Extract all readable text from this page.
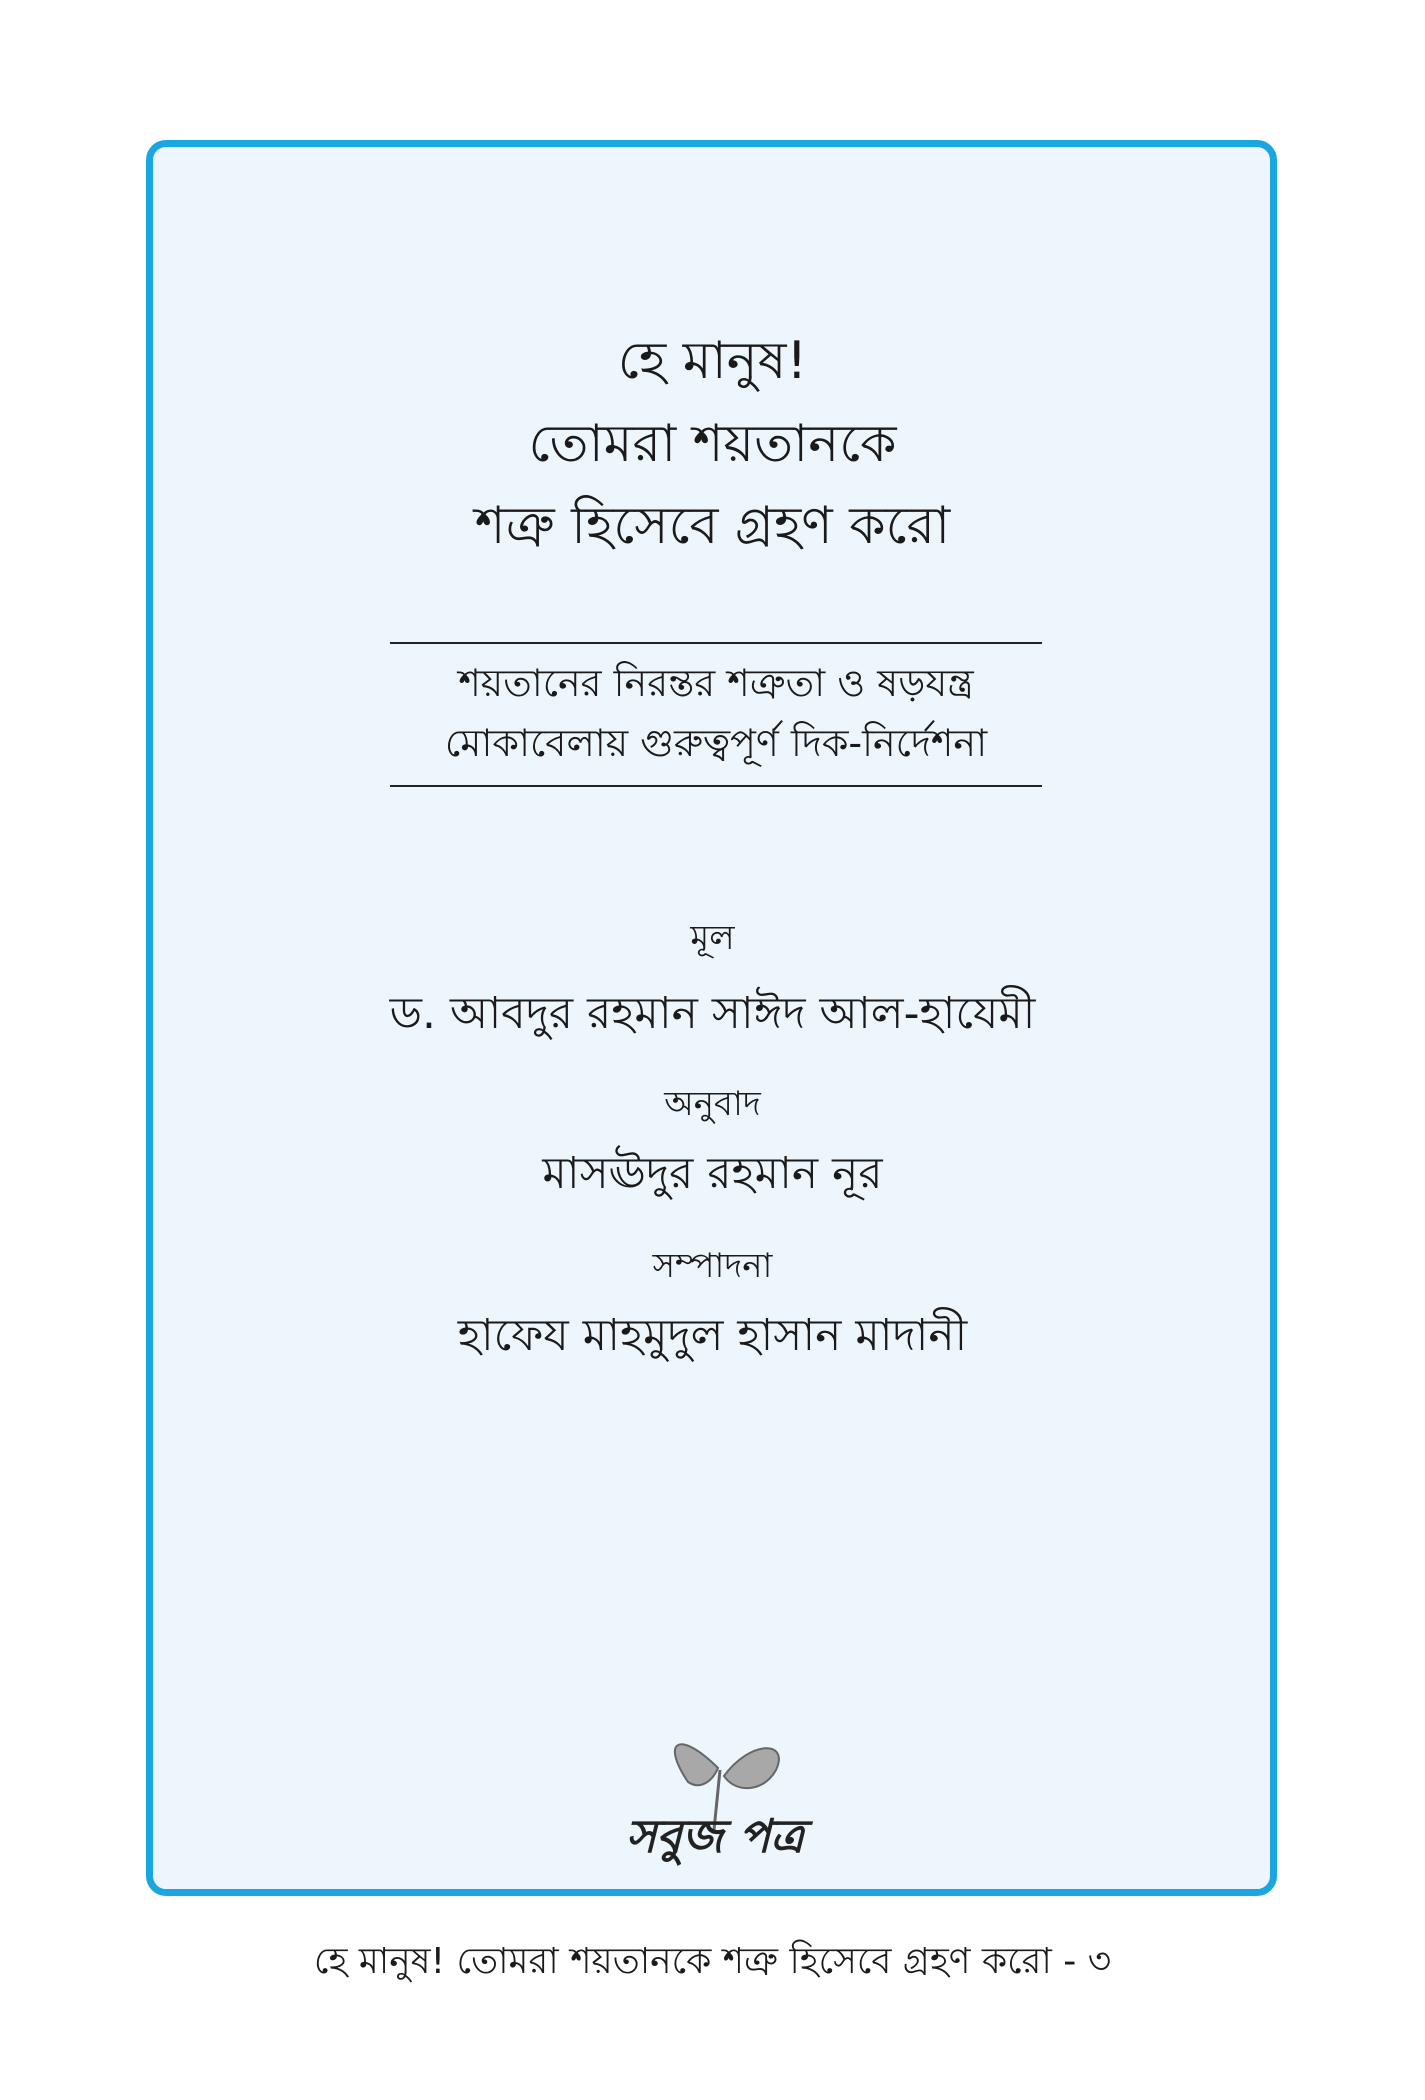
হে মানুষ!
তোমরা শয়তানকে
শত্রু হিসেবে গ্রহণ করো
শয়তানের নিরন্তর শত্রুতা ও ষড়যন্ত্র
মোকাবেলায় গুরুত্বপূর্ণ দিক-নির্দেশনা
মূল
ড. আবদুর রহমান সাঈদ আল-হাযেমী
অনুবাদ
মাসঊদুর রহমান নূর
সম্পাদনা
হাফেয মাহমুদুল হাসান মাদানী
সবুজ পত্র
হে মানুষ! তোমরা শয়তানকে শত্রু হিসেবে গ্রহণ করো - ৩
